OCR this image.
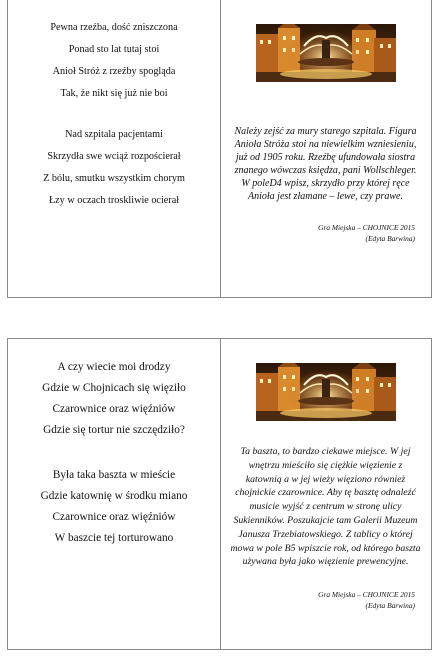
Pewna rzeźba, dość zniszczona

Ponad sto lat tutaj stoi

Anioł Stróż z rzeźby spogląda

Tak, że nikt się już nie boi

Nad szpitala pacjentami

Skrzydła swe wciąż rozpościerał

Z bólu, smutku wszystkim chorym

Łzy w oczach troskliwie ocierał

Należy zejść za mury starego szpitala. Figura Anioła Stróża stoi na niewielkim wzniesieniu, już od 1905 roku. Rzeźbę ufundowała siostra znanego wówczas księdza, pani Wollschleger. W poleD4 wpisz, skrzydło przy której ręce Anioła jest złamane – lewe, czy prawe.

Gra Miejska – CHOJNICE 2015
(Edyta Barwina)

A czy wiecie moi drodzy

Gdzie w Chojnicach się więziło

Czarownice oraz więźniów

Gdzie się tortur nie szczędziło?

Była taka baszta w mieście

Gdzie katownię w środku miano

Czarownice oraz więźniów

W baszcie tej torturowano

Ta baszta, to bardzo ciekawe miejsce. W jej wnętrzu mieściło się ciężkie więzienie z katownią a w jej wieży więziono również chojnickie czarownice. Aby tę basztę odnaleźć musicie wyjść z centrum w stronę ulicy Sukienników. Poszukajcie tam Galerii Muzeum Janusza Trzebiatowskiego. Z tablicy o której mowa w pole B5 wpiszcie rok, od którego baszta używana była jako więzienie prewencyjne.

Gra Miejska – CHOJNICE 2015
(Edyta Barwina)
